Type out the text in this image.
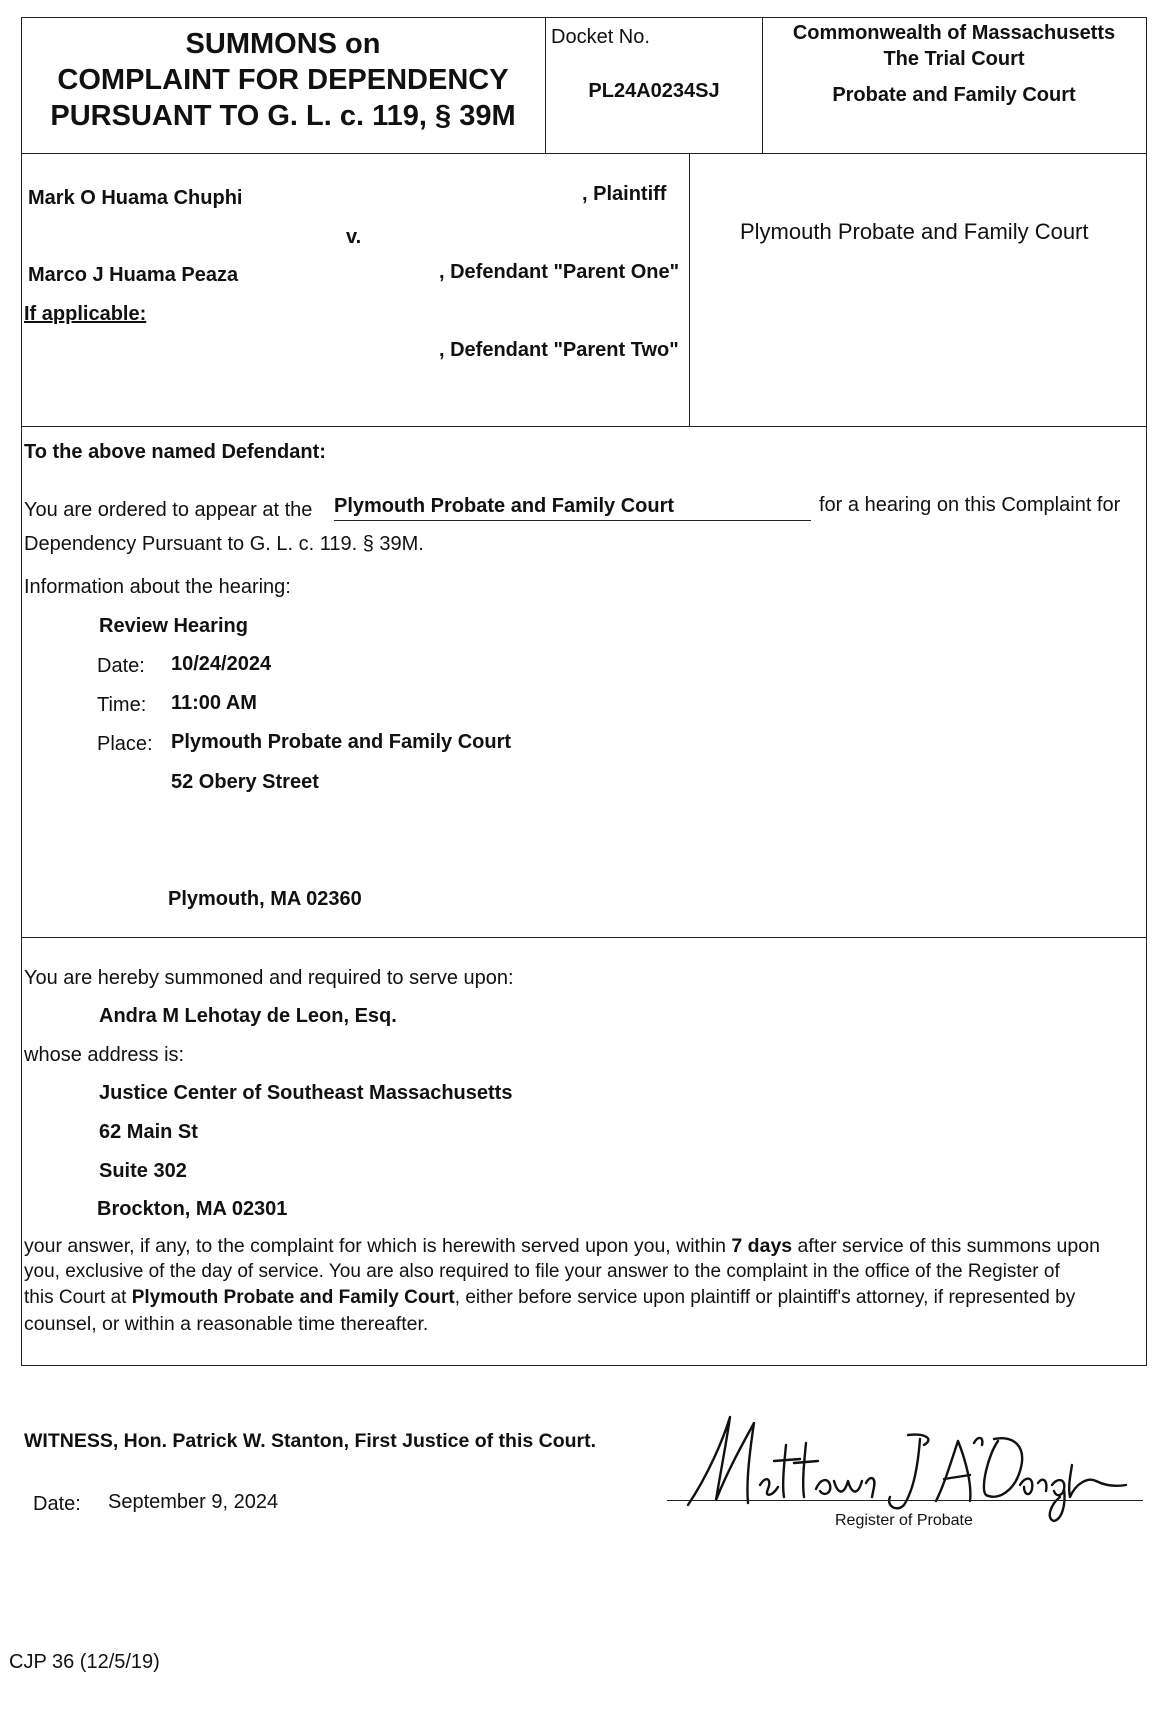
SUMMONS on
COMPLAINT FOR DEPENDENCY
PURSUANT TO G. L. c. 119, § 39M
Docket No.
PL24A0234SJ
Commonwealth of Massachusetts
The Trial Court
Probate and Family Court
Mark O Huama Chuphi	, Plaintiff
v.
Marco J Huama Peaza	, Defendant "Parent One"
If applicable:
, Defendant "Parent Two"
Plymouth Probate and Family Court
To the above named Defendant:
You are ordered to appear at the Plymouth Probate and Family Court	for a hearing on this Complaint for
Dependency Pursuant to G. L. c. 119. § 39M.
Information about the hearing:
Review Hearing
Date: 10/24/2024
Time: 11:00 AM
Place: Plymouth Probate and Family Court
52 Obery Street
Plymouth, MA 02360
You are hereby summoned and required to serve upon:
Andra M Lehotay de Leon, Esq.
whose address is:
Justice Center of Southeast Massachusetts
62 Main St
Suite 302
Brockton, MA 02301
your answer, if any, to the complaint for which is herewith served upon you, within 7 days after service of this summons upon
you, exclusive of the day of service. You are also required to file your answer to the complaint in the office of the Register of
this Court at Plymouth Probate and Family Court, either before service upon plaintiff or plaintiff's attorney, if represented by
counsel, or within a reasonable time thereafter.
WITNESS, Hon. Patrick W. Stanton, First Justice of this Court.
Date: September 9, 2024
Register of Probate
CJP 36 (12/5/19)
